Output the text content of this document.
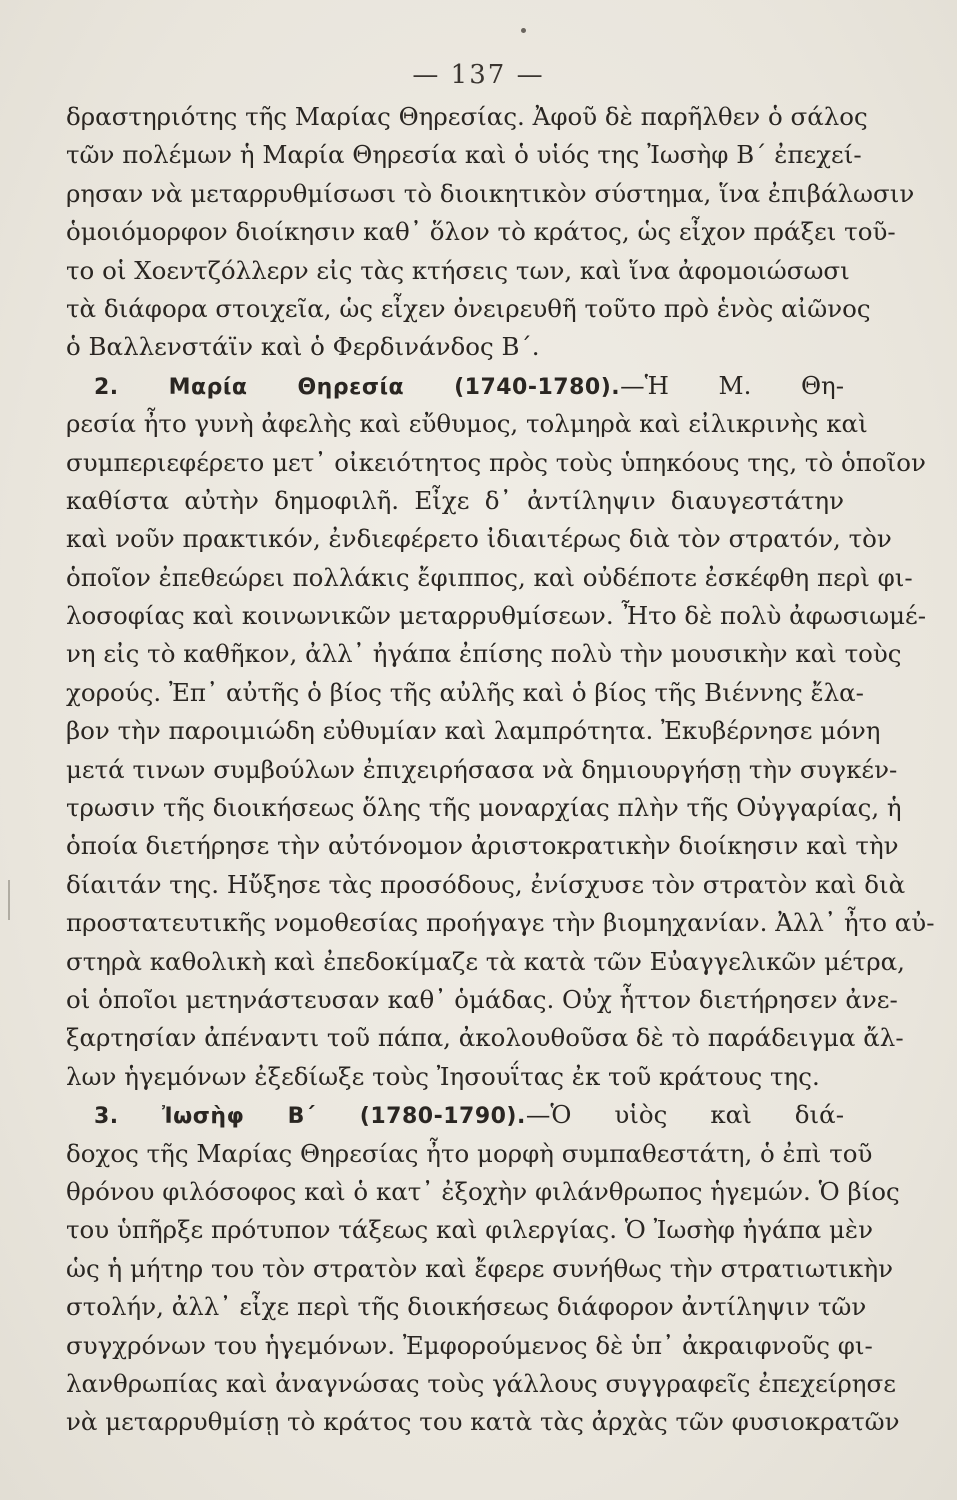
— 137 —
δραστηριότης τῆς Μαρίας Θηρεσίας. Ἀφοῦ δὲ παρῆλθεν ὁ σάλος
τῶν πολέμων ἡ Μαρία Θηρεσία καὶ ὁ υἱός της Ἰωσὴφ Β´ ἐπεχεί-
ρησαν νὰ μεταρρυθμίσωσι τὸ διοικητικὸν σύστημα, ἵνα ἐπιβάλωσιν
ὁμοιόμορφον διοίκησιν καθ᾽ ὅλον τὸ κράτος, ὡς εἶχον πράξει τοῦ-
το οἱ Χοεντζόλλερν εἰς τὰς κτήσεις των, καὶ ἵνα ἀφομοιώσωσι
τὰ διάφορα στοιχεῖα, ὡς εἶχεν ὀνειρευθῆ τοῦτο πρὸ ἑνὸς αἰῶνος
ὁ Βαλλενστάϊν καὶ ὁ Φερδινάνδος Β´.
2. Μαρία Θηρεσία (1740-1780).—Ἡ Μ. Θη-
ρεσία ἦτο γυνὴ ἀφελὴς καὶ εὔθυμος, τολμηρὰ καὶ εἰλικρινὴς καὶ
συμπεριεφέρετο μετ᾽ οἰκειότητος πρὸς τοὺς ὑπηκόους της, τὸ ὁποῖον
καθίστα αὐτὴν δημοφιλῆ. Εἶχε δ᾽ ἀντίληψιν διαυγεστάτην
καὶ νοῦν πρακτικόν, ἐνδιεφέρετο ἰδιαιτέρως διὰ τὸν στρατόν, τὸν
ὁποῖον ἐπεθεώρει πολλάκις ἔφιππος, καὶ οὐδέποτε ἐσκέφθη περὶ φι-
λοσοφίας καὶ κοινωνικῶν μεταρρυθμίσεων. Ἦτο δὲ πολὺ ἀφωσιωμέ-
νη εἰς τὸ καθῆκον, ἀλλ᾽ ἠγάπα ἐπίσης πολὺ τὴν μουσικὴν καὶ τοὺς
χορούς. Ἐπ᾽ αὐτῆς ὁ βίος τῆς αὐλῆς καὶ ὁ βίος τῆς Βιέννης ἔλα-
βον τὴν παροιμιώδη εὐθυμίαν καὶ λαμπρότητα. Ἐκυβέρνησε μόνη
μετά τινων συμβούλων ἐπιχειρήσασα νὰ δημιουργήσῃ τὴν συγκέν-
τρωσιν τῆς διοικήσεως ὅλης τῆς μοναρχίας πλὴν τῆς Οὐγγαρίας, ἡ
ὁποία διετήρησε τὴν αὐτόνομον ἀριστοκρατικὴν διοίκησιν καὶ τὴν
δίαιτάν της. Ηὔξησε τὰς προσόδους, ἐνίσχυσε τὸν στρατὸν καὶ διὰ
προστατευτικῆς νομοθεσίας προήγαγε τὴν βιομηχανίαν. Ἀλλ᾽ ἦτο αὐ-
στηρὰ καθολικὴ καὶ ἐπεδοκίμαζε τὰ κατὰ τῶν Εὐαγγελικῶν μέτρα,
οἱ ὁποῖοι μετηνάστευσαν καθ᾽ ὁμάδας. Οὐχ ἧττον διετήρησεν ἀνε-
ξαρτησίαν ἀπέναντι τοῦ πάπα, ἀκολουθοῦσα δὲ τὸ παράδειγμα ἄλ-
λων ἡγεμόνων ἐξεδίωξε τοὺς Ἰησουΐτας ἐκ τοῦ κράτους της.
3. Ἰωσὴφ Β´ (1780-1790).—Ὁ υἱὸς καὶ διά-
δοχος τῆς Μαρίας Θηρεσίας ἦτο μορφὴ συμπαθεστάτη, ὁ ἐπὶ τοῦ
θρόνου φιλόσοφος καὶ ὁ κατ᾽ ἐξοχὴν φιλάνθρωπος ἡγεμών. Ὁ βίος
του ὑπῆρξε πρότυπον τάξεως καὶ φιλεργίας. Ὁ Ἰωσὴφ ἠγάπα μὲν
ὡς ἡ μήτηρ του τὸν στρατὸν καὶ ἔφερε συνήθως τὴν στρατιωτικὴν
στολήν, ἀλλ᾽ εἶχε περὶ τῆς διοικήσεως διάφορον ἀντίληψιν τῶν
συγχρόνων του ἡγεμόνων. Ἐμφορούμενος δὲ ὑπ᾽ ἀκραιφνοῦς φι-
λανθρωπίας καὶ ἀναγνώσας τοὺς γάλλους συγγραφεῖς ἐπεχείρησε
νὰ μεταρρυθμίσῃ τὸ κράτος του κατὰ τὰς ἀρχὰς τῶν φυσιοκρατῶν
